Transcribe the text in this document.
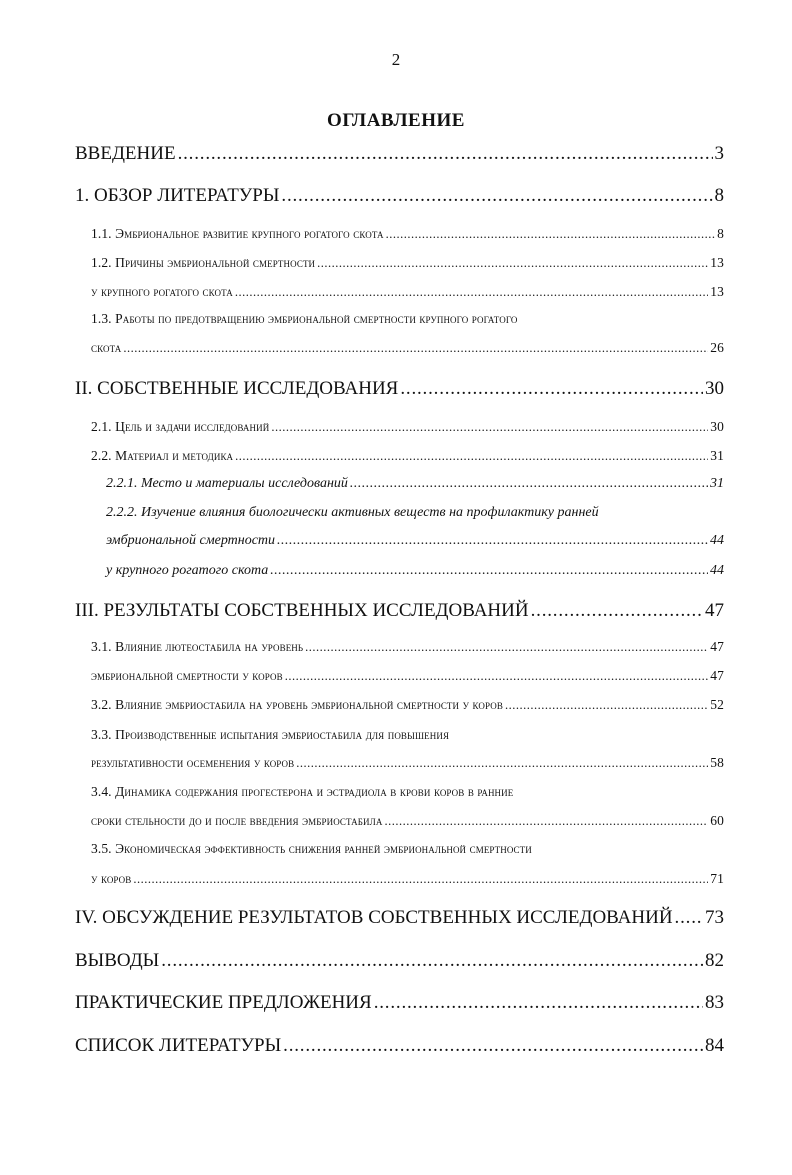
2
ОГЛАВЛЕНИЕ
ВВЕДЕНИЕ .....	3
1. ОБЗОР ЛИТЕРАТУРЫ .....	8
1.1. Эмбриональное развитие крупного рогатого скота .....	8
1.2. Причины эмбриональной смертности .....	13
у крупного рогатого скота .....	13
1.3. Работы по предотвращению эмбриональной смертности крупного рогатого
скота .....	26
II. СОБСТВЕННЫЕ ИССЛЕДОВАНИЯ .....	30
2.1. Цель и задачи исследований .....	30
2.2. Материал и методика .....	31
2.2.1. Место и материалы исследований .....	31
2.2.2. Изучение влияния биологически активных веществ на профилактику ранней
эмбриональной смертности .....	44
у крупного рогатого скота .....	44
III. РЕЗУЛЬТАТЫ СОБСТВЕННЫХ ИССЛЕДОВАНИЙ .....	47
3.1. Влияние лютеостабила на уровень .....	47
эмбриональной смертности у коров .....	47
3.2. Влияние эмбриостабила на уровень эмбриональной смертности у коров .....	52
3.3. Производственные испытания эмбриостабила для повышения
результативности осеменения у коров .....	58
3.4. Динамика содержания прогестерона и эстрадиола в крови коров в ранние
сроки стельности до и после введения эмбриостабила .....	60
3.5. Экономическая эффективность снижения ранней эмбриональной смертности
у коров .....	71
IV. ОБСУЖДЕНИЕ РЕЗУЛЬТАТОВ СОБСТВЕННЫХ ИССЛЕДОВАНИЙ ..... 73
ВЫВОДЫ .....	82
ПРАКТИЧЕСКИЕ ПРЕДЛОЖЕНИЯ .....	83
СПИСОК ЛИТЕРАТУРЫ .....	84
